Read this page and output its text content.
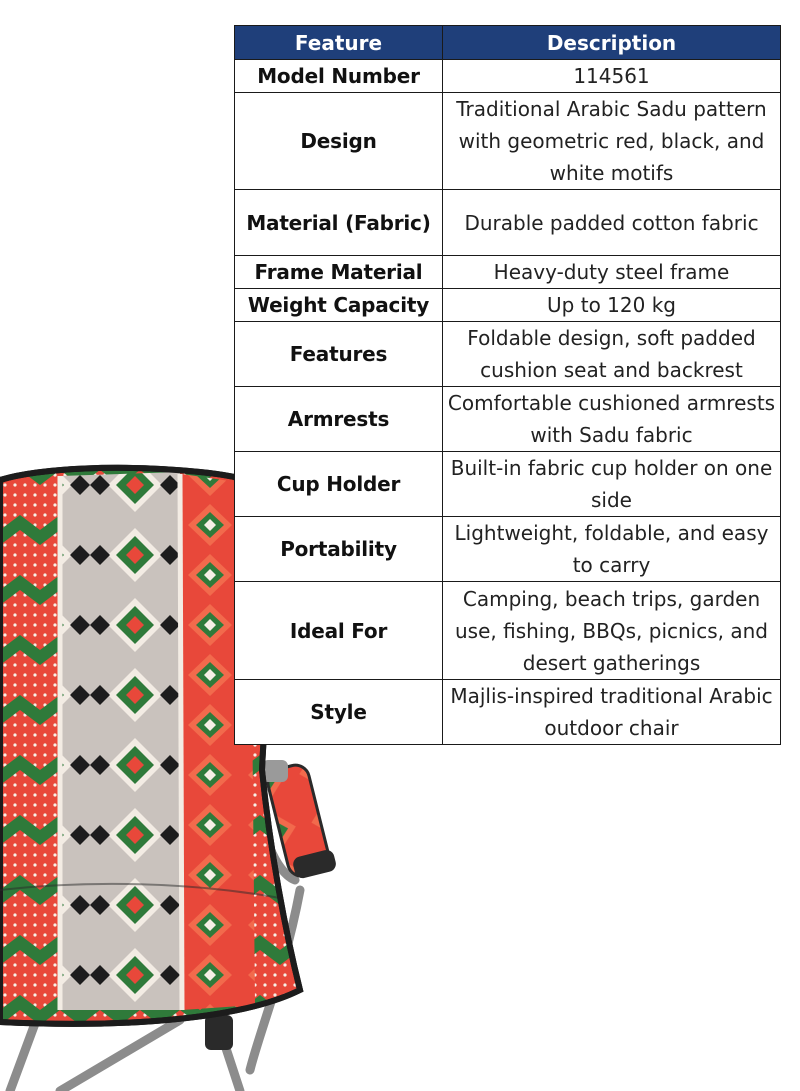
Feature	Description
Model Number	114561
Design	Traditional Arabic Sadu pattern with geometric red, black, and white motifs
Material (Fabric)	Durable padded cotton fabric
Frame Material	Heavy-duty steel frame
Weight Capacity	Up to 120 kg
Features	Foldable design, soft padded cushion seat and backrest
Armrests	Comfortable cushioned armrests with Sadu fabric
Cup Holder	Built-in fabric cup holder on one side
Portability	Lightweight, foldable, and easy to carry
Ideal For	Camping, beach trips, garden use, fishing, BBQs, picnics, and desert gatherings
Style	Majlis-inspired traditional Arabic outdoor chair
